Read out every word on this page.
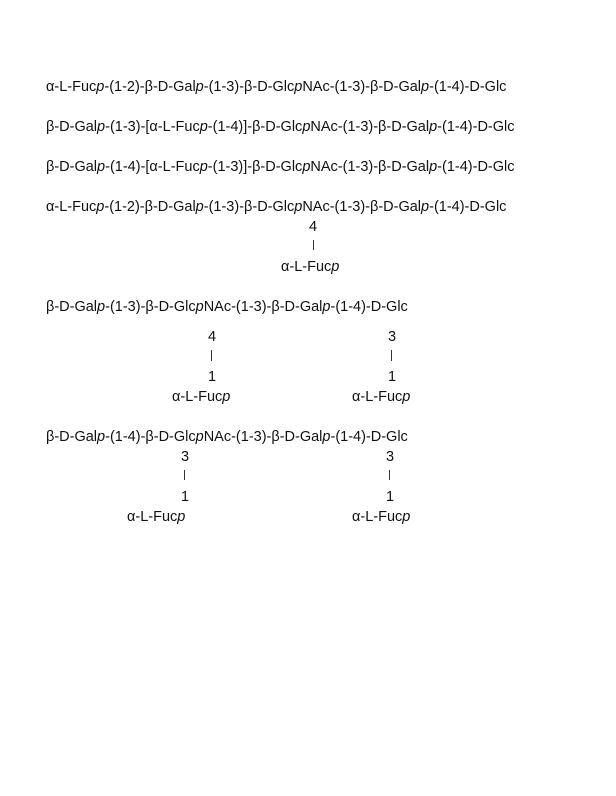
α-L-Fucp-(1-2)-β-D-Galp-(1-3)-β-D-GlcpNAc-(1-3)-β-D-Galp-(1-4)-D-Glc
β-D-Galp-(1-3)-[α-L-Fucp-(1-4)]-β-D-GlcpNAc-(1-3)-β-D-Galp-(1-4)-D-Glc
β-D-Galp-(1-4)-[α-L-Fucp-(1-3)]-β-D-GlcpNAc-(1-3)-β-D-Galp-(1-4)-D-Glc
α-L-Fucp-(1-2)-β-D-Galp-(1-3)-β-D-GlcpNAc-(1-3)-β-D-Galp-(1-4)-D-Glc
4
α-L-Fucp
β-D-Galp-(1-3)-β-D-GlcpNAc-(1-3)-β-D-Galp-(1-4)-D-Glc
4
1
α-L-Fucp
3
1
α-L-Fucp
β-D-Galp-(1-4)-β-D-GlcpNAc-(1-3)-β-D-Galp-(1-4)-D-Glc
3
1
α-L-Fucp
3
1
α-L-Fucp
